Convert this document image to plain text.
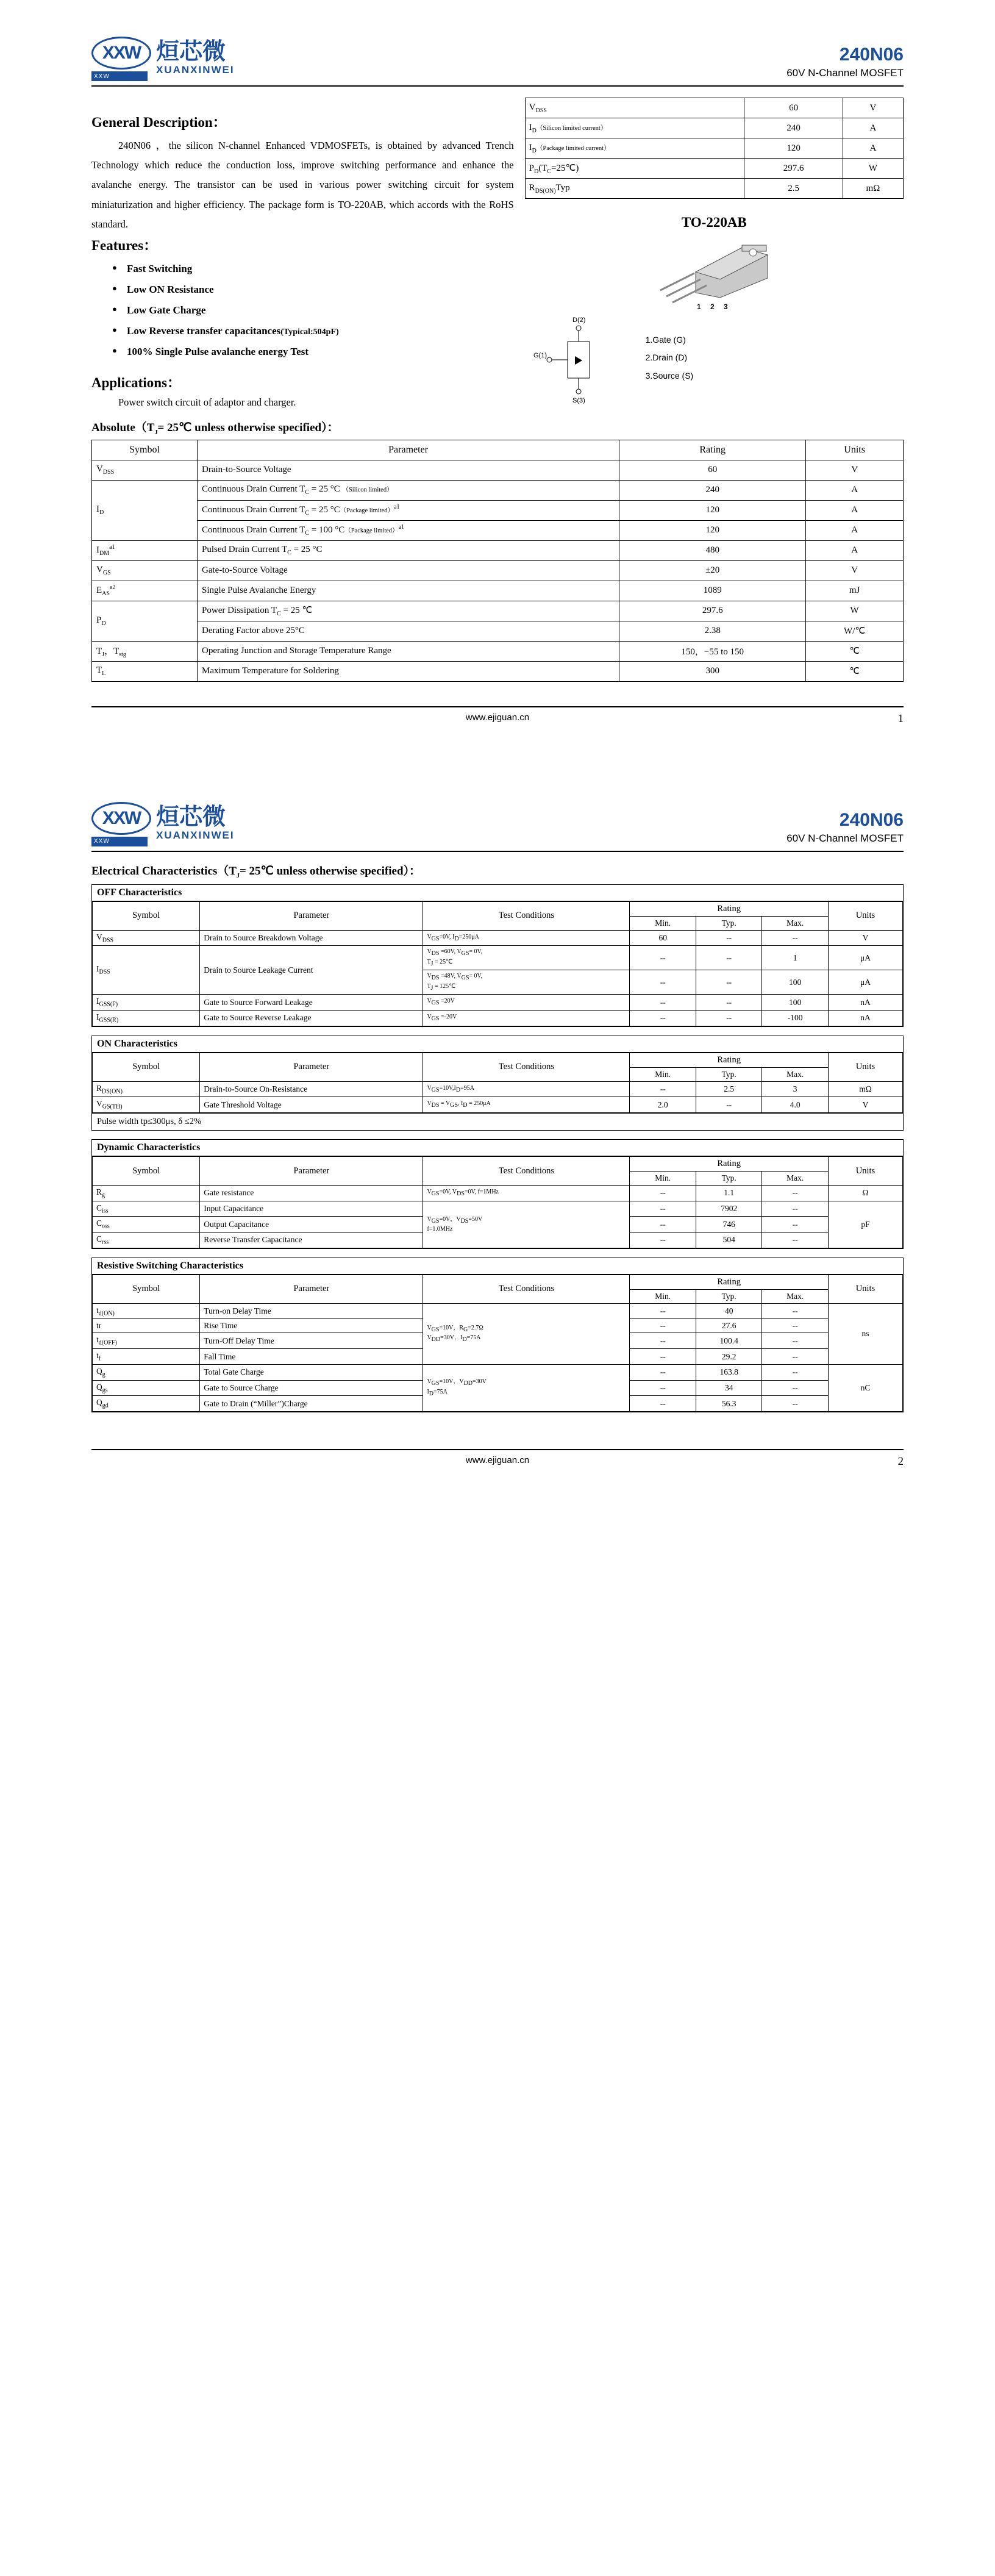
XXW
XXW
烜芯微
XUANXINWEI
240N06
60V N-Channel MOSFET
General Description：

240N06 ，the silicon N-channel Enhanced VDMOSFETs, is obtained by advanced Trench Technology which reduce the conduction loss, improve switching performance and enhance the avalanche energy. The transistor can be used in various power switching circuit for system miniaturization and higher efficiency. The package form is TO-220AB, which accords with the RoHS standard.

$V_{DSS}$	60	V
$I_D(Silicon$ limited current）	240	A
$I_D(Package$ limited current）	120	A
$P_D(T_C=25℃)$	297.6	W
$R_{DS(ON)}Typ$	2.5	mΩ
TO-220AB
1 2 3
D(2)
S(3)
G(1)
1.Gate (G)
2.Drain (D)
3.Source (S)
Features：
● Fast Switching
● Low ON Resistance
● Low Gate Charge
● Low Reverse transfer capacitances(Typical:504pF)
● 100% Single Pulse avalanche energy Test
Applications：
Power switch circuit of adaptor and charger.
$Absolute(T_J=$ 25℃ unless otherwise specified）：
Symbol	Parameter	Rating	Units
$V_{DSS}$	Drain-to-Source Voltage	60	V
$I_D$	Continuous Drain Current $T_C = 25$ °C （Silicon limited）	240	A
	Continuous Drain Current $T_C = 25$ °C（Package limited）$^{a1}$	120	A
	Continuous Drain Current $T_C = 100$ °C（Package limited）$^{a1}$	120	A
$I_{DM}^{a1}$	Pulsed Drain Current $T_C = 25$ °C	480	A
$V_{GS}$	Gate-to-Source Voltage	±20	V
$E_{AS}^{a2}$	Single Pulse Avalanche Energy	1089	mJ
$P_D$	Power Dissipation $T_C = 25$ ℃	297.6	W
	Derating Factor above 25°C	2.38	W/℃
$T_J$，$T_{stg}$	Operating Junction and Storage Temperature Range	150，−55 to 150	℃
$T_L$	Maximum Temperature for Soldering	300	℃
www.ejiguan.cn	1
XXW
XXW
烜芯微
XUANXINWEI
240N06
60V N-Channel MOSFET
Electrical $Characteristics(T_J=$ 25℃ unless otherwise specified）：
OFF Characteristics
Symbol	Parameter	Test Conditions	Rating			Units
			Min.	Typ.	Max.	
$V_{DSS}$	Drain to Source Breakdown Voltage	VGS=0V, ID=250μA	60	--	--	V
$I_{DSS}$	Drain to Source Leakage Current	VDS =60V, VGS= 0V,
TJ = 25℃	--	--	1	μA
		VDS =48V, VGS= 0V,
TJ = 125℃	--	--	100	μA
$I_{GSS(F)}$	Gate to Source Forward Leakage	VGS =20V	--	--	100	nA
$I_{GSS(R)}$	Gate to Source Reverse Leakage	VGS =-20V	--	--	-100	nA
ON Characteristics
Symbol	Parameter	Test Conditions	Rating			Units
			Min.	Typ.	Max.	
$R_{DS(ON)}$	Drain-to-Source On-Resistance	VGS=10V,ID=95A	--	2.5	3	mΩ
$V_{GS(TH)}$	Gate Threshold Voltage	VDS = VGS, ID = 250μA	2.0	--	4.0	V
Pulse width tp≤300μs, δ ≤2%
Dynamic Characteristics
Symbol	Parameter	Test Conditions	Rating			Units
			Min.	Typ.	Max.	
$R_g$	Gate resistance	VGS=0V, VDS=0V, f=1MHz	--	1.1	--	Ω
$C_{iss}$	Input Capacitance	VGS=0V，VDS=50V
f=1.0MHz	--	7902	--	pF
$C_{oss}$	Output Capacitance		--	746	--	
$C_{rss}$	Reverse Transfer Capacitance		--	504	--	
Resistive Switching Characteristics
Symbol	Parameter	Test Conditions	Rating			Units
			Min.	Typ.	Max.	
$t_{d(ON)}$	Turn-on Delay Time	VGS=10V，RG=2.7Ω
VDD=30V，ID=75A	--	40	--	ns
tr	Rise Time		--	27.6	--	
$t_{d(OFF)}$	Turn-Off Delay Time		--	100.4	--	
$t_f$	Fall Time		--	29.2	--	
$Q_g$	Total Gate Charge	VGS=10V，VDD=30V
ID=75A	--	163.8	--	nC
$Q_{gs}$	Gate to Source Charge		--	34	--	
$Q_{gd}$	Gate to Drain (“Miller”)Charge		--	56.3	--	
www.ejiguan.cn	2
